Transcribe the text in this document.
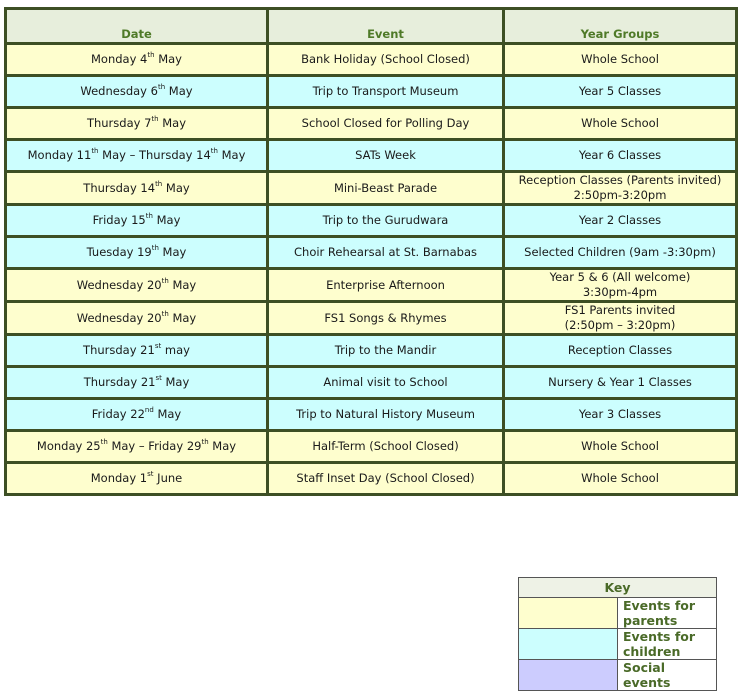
Date	Event	Year Groups
Monday 4th May	Bank Holiday (School Closed)	Whole School

Wednesday 6th May	Trip to Transport Museum	Year 5 Classes

Thursday 7th May	School Closed for Polling Day	Whole School

Monday 11th May – Thursday 14th May	SATs Week	Year 6 Classes

Thursday 14th May	Mini-Beast Parade	Reception Classes (Parents invited)
2:50pm-3:20pm

Friday 15th May	Trip to the Gurudwara	Year 2 Classes

Tuesday 19th May	Choir Rehearsal at St. Barnabas	Selected Children (9am -3:30pm)

Wednesday 20th May	Enterprise Afternoon	Year 5 & 6 (All welcome)
3:30pm-4pm

Wednesday 20th May	FS1 Songs & Rhymes	FS1 Parents invited
(2:50pm – 3:20pm)

Thursday 21st may	Trip to the Mandir	Reception Classes

Thursday 21st May	Animal visit to School	Nursery & Year 1 Classes

Friday 22nd May	Trip to Natural History Museum	Year 3 Classes

Monday 25th May – Friday 29th May	Half-Term (School Closed)	Whole School

Monday 1st June	Staff Inset Day (School Closed)	Whole School
Key	
	Events for parents
	Events for children
	Social events
